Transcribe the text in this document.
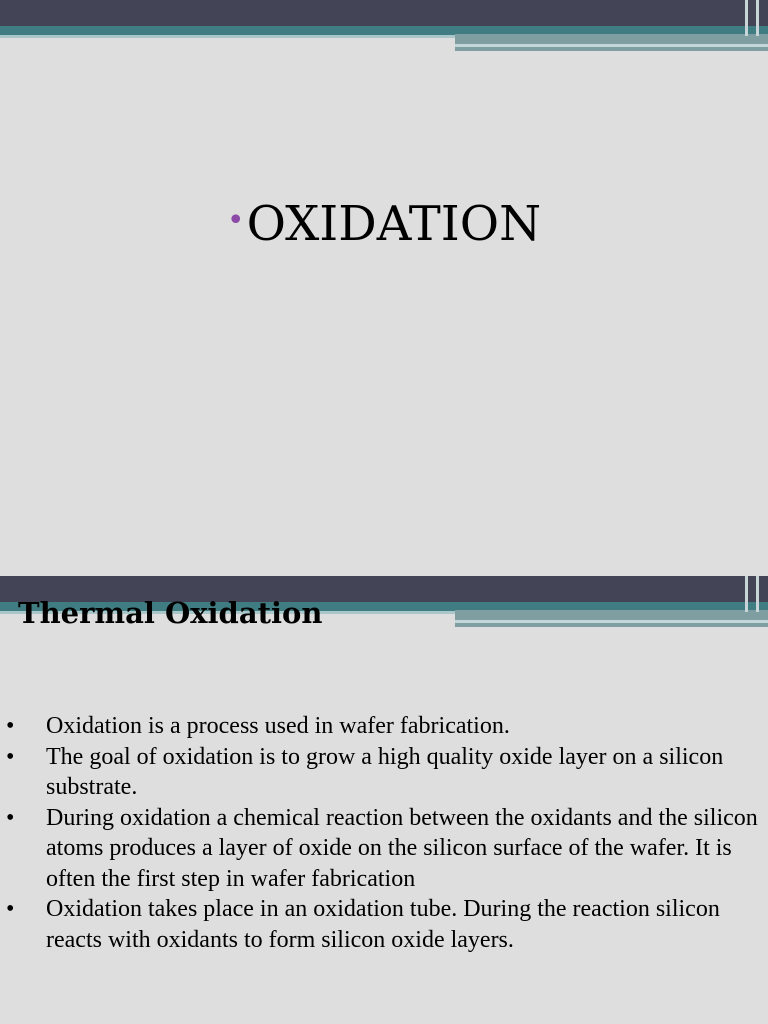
•OXIDATION
Thermal Oxidation
• Oxidation is a process used in wafer fabrication.
• The goal of oxidation is to grow a high quality oxide layer on a silicon substrate.
• During oxidation a chemical reaction between the oxidants and the silicon atoms produces a layer of oxide on the silicon surface of the wafer. It is often the first step in wafer fabrication
• Oxidation takes place in an oxidation tube. During the reaction silicon reacts with oxidants to form silicon oxide layers.
